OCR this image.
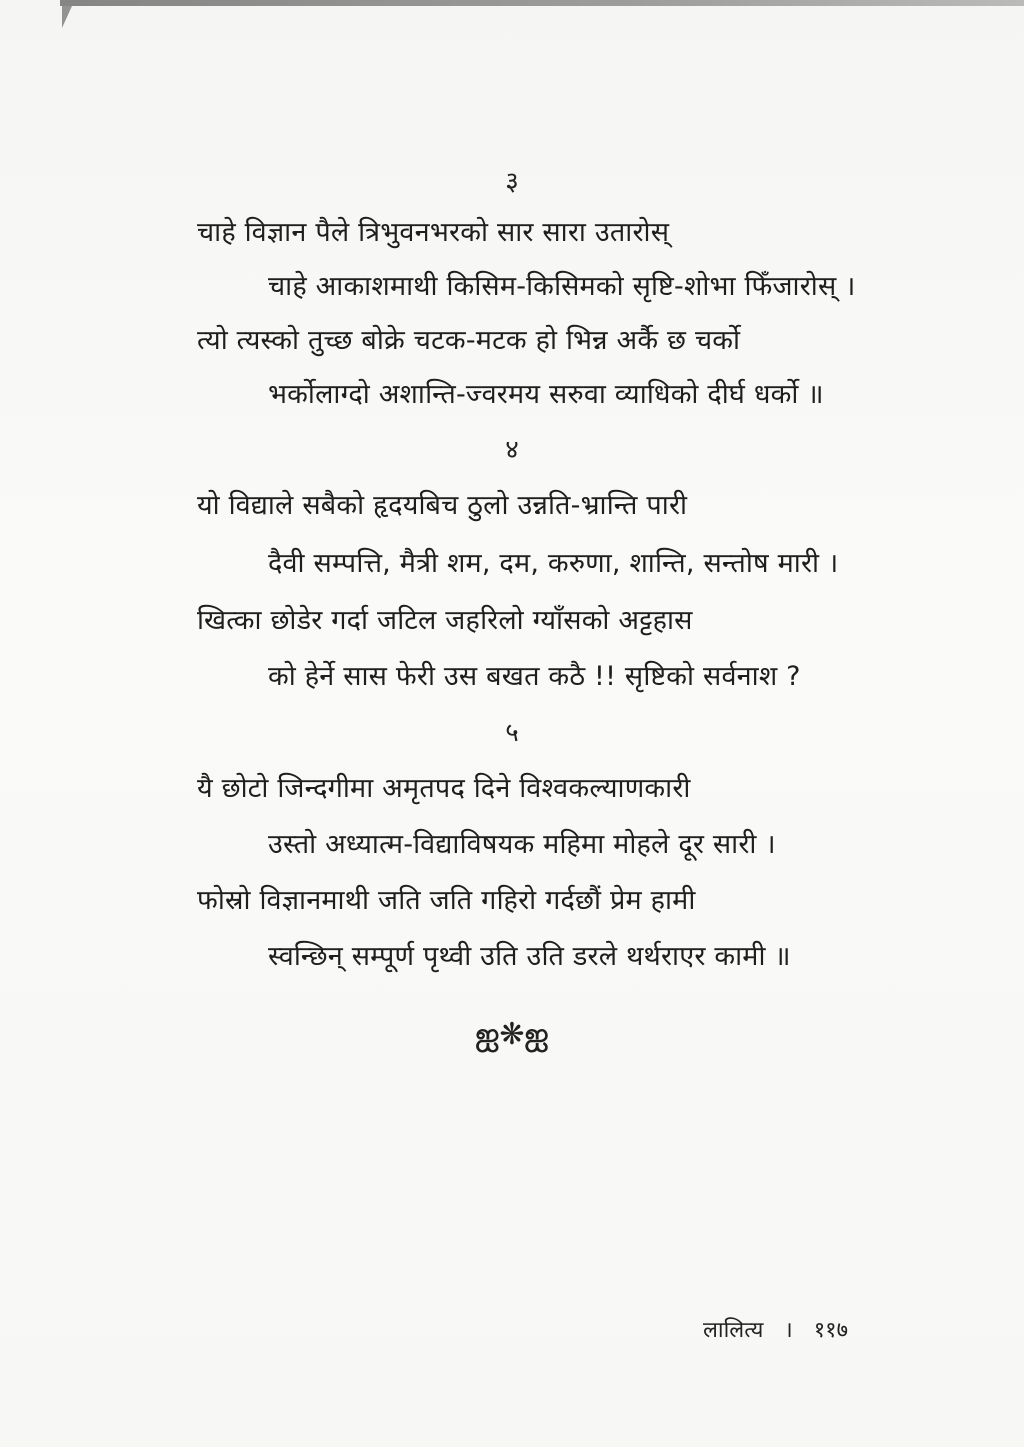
३
चाहे विज्ञान पैले त्रिभुवनभरको सार सारा उतारोस्
चाहे आकाशमाथी किसिम-किसिमको सृष्टि-शोभा फिँजारोस् ।
त्यो त्यस्को तुच्छ बोक्रे चटक-मटक हो भिन्न अर्कै छ चर्को
भर्कोलाग्दो अशान्ति-ज्वरमय सरुवा व्याधिको दीर्घ धर्को ॥
४
यो विद्याले सबैको हृदयबिच ठुलो उन्नति-भ्रान्ति पारी
दैवी सम्पत्ति, मैत्री शम, दम, करुणा, शान्ति, सन्तोष मारी ।
खित्का छोडेर गर्दा जटिल जहरिलो ग्याँसको अट्टहास
को हेर्ने सास फेरी उस बखत कठै !! सृष्टिको सर्वनाश ?
५
यै छोटो जिन्दगीमा अमृतपद दिने विश्वकल्याणकारी
उस्तो अध्यात्म-विद्याविषयक महिमा मोहले दूर सारी ।
फोस्रो विज्ञानमाथी जति जति गहिरो गर्दछौं प्रेम हामी
स्वन्छिन् सम्पूर्ण पृथ्वी उति उति डरले थर्थराएर कामी ॥
ஐ❋ஐ
लालित्य । ११७
